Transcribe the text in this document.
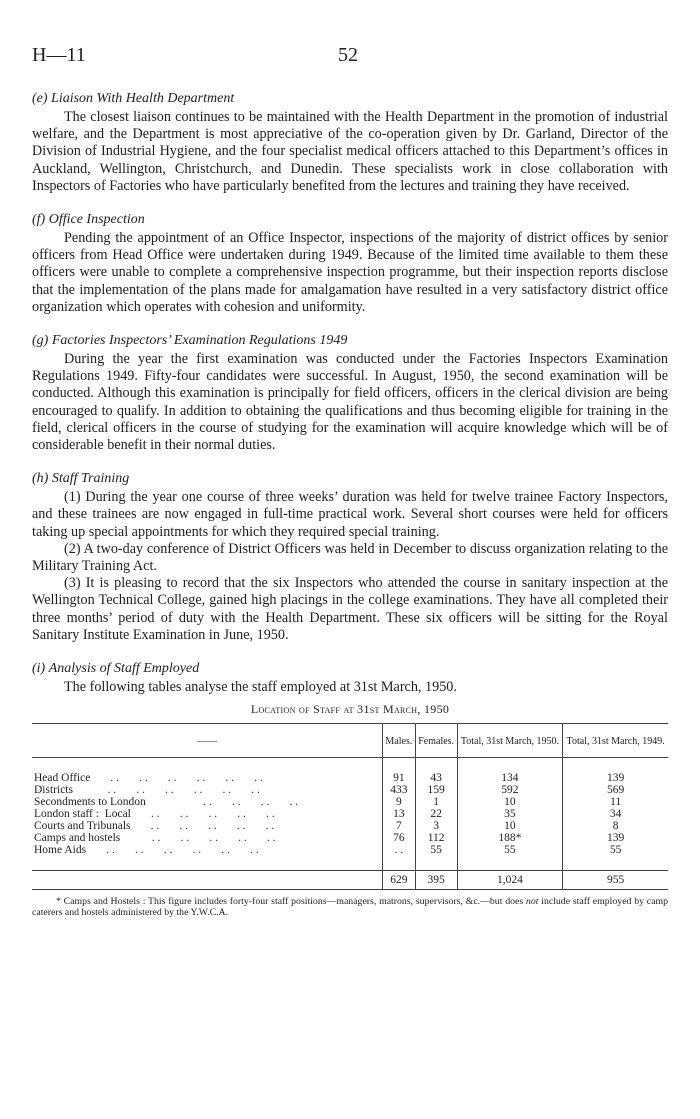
H—11	52
(e) Liaison With Health Department

The closest liaison continues to be maintained with the Health Department in the promotion of industrial welfare, and the Department is most appreciative of the co-operation given by Dr. Garland, Director of the Division of Industrial Hygiene, and the four specialist medical officers attached to this Department’s offices in Auckland, Wellington, Christchurch, and Dunedin. These specialists work in close collaboration with Inspectors of Factories who have particularly benefited from the lectures and training they have received.

(f) Office Inspection

Pending the appointment of an Office Inspector, inspections of the majority of district offices by senior officers from Head Office were undertaken during 1949. Because of the limited time available to them these officers were unable to complete a comprehensive inspection programme, but their inspection reports disclose that the implementation of the plans made for amalgamation have resulted in a very satisfactory district office organization which operates with cohesion and uniformity.

(g) Factories Inspectors’ Examination Regulations 1949

During the year the first examination was conducted under the Factories Inspectors Examination Regulations 1949. Fifty-four candidates were successful. In August, 1950, the second examination will be conducted. Although this examination is principally for field officers, officers in the clerical division are being encouraged to qualify. In addition to obtaining the qualifications and thus becoming eligible for training in the field, clerical officers in the course of studying for the examination will acquire knowledge which will be of considerable benefit in their normal duties.

(h) Staff Training

(1) During the year one course of three weeks’ duration was held for twelve trainee Factory Inspectors, and these trainees are now engaged in full-time practical work. Several short courses were held for officers taking up special appointments for which they required special training.

(2) A two-day conference of District Officers was held in December to discuss organization relating to the Military Training Act.

(3) It is pleasing to record that the six Inspectors who attended the course in sanitary inspection at the Wellington Technical College, gained high placings in the college examinations. They have all completed their three months’ period of duty with the Health Department. These six officers will be sitting for the Royal Sanitary Institute Examination in June, 1950.

(i) Analysis of Staff Employed

The following tables analyse the staff employed at 31st March, 1950.

Location of Staff at 31st March, 1950
——	Males.	Females.	Total, 31st March, 1950.	Total, 31st March, 1949.

Head Office       . .       . .       . .       . .       . .       . .	91	43	134	139
Districts            . .       . .       . .       . .       . .       . .	433	159	592	569
Secondments to London                    . .       . .       . .       . .	9	1	10	11
London staff :  Local       . .       . .       . .       . .       . .	13	22	35	34
Courts and Tribunals       . .       . .       . .       . .       . .	7	3	10	8
Camps and hostels           . .       . .       . .       . .       . .	76	112	188*	139
Home Aids       . .       . .       . .       . .       . .       . .	. .	55	55	55

	629	395	1,024	955
* Camps and Hostels : This figure includes forty-four staff positions—managers, matrons, supervisors, &c.—but does not include staff employed by camp caterers and hostels administered by the Y.W.C.A.
